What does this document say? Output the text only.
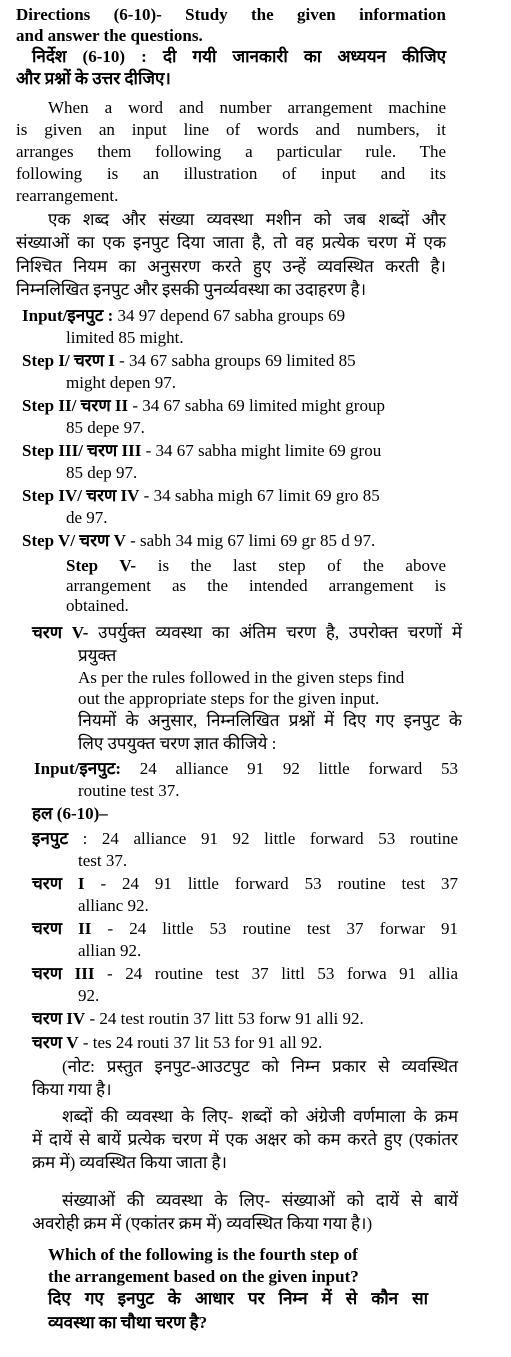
Directions (6-10)- Study the given information
and answer the questions.
निर्देश (6-10) : दी गयी जानकारी का अध्ययन कीजिए
और प्रश्नों के उत्तर दीजिए।
When a word and number arrangement machine
is given an input line of words and numbers, it
arranges them following a particular rule. The
following is an illustration of input and its
rearrangement.
एक शब्द और संख्या व्यवस्था मशीन को जब शब्दों और
संख्याओं का एक इनपुट दिया जाता है, तो वह प्रत्येक चरण में एक
निश्चित नियम का अनुसरण करते हुए उन्हें व्यवस्थित करती है।
निम्नलिखित इनपुट और इसकी पुनर्व्यवस्था का उदाहरण है।
Input/इनपुट : 34 97 depend 67 sabha groups 69
limited 85 might.
Step I/ चरण I - 34 67 sabha groups 69 limited 85
might depen 97.
Step II/ चरण II - 34 67 sabha 69 limited might group
85 depe 97.
Step III/ चरण III - 34 67 sabha might limite 69 grou
85 dep 97.
Step IV/ चरण IV - 34 sabha migh 67 limit 69 gro 85
de 97.
Step V/ चरण V - sabh 34 mig 67 limi 69 gr 85 d 97.
Step V- is the last step of the above
arrangement as the intended arrangement is
obtained.
चरण V- उपर्युक्त व्यवस्था का अंतिम चरण है, उपरोक्त चरणों में
प्रयुक्त
As per the rules followed in the given steps find
out the appropriate steps for the given input.
नियमों के अनुसार, निम्नलिखित प्रश्नों में दिए गए इनपुट के
लिए उपयुक्त चरण ज्ञात कीजिये :
Input/इनपुट: 24 alliance 91 92 little forward 53
routine test 37.
हल (6-10)–
इनपुट : 24 alliance 91 92 little forward 53 routine
test 37.
चरण I - 24 91 little forward 53 routine test 37
allianc 92.
चरण II - 24 little 53 routine test 37 forwar 91
allian 92.
चरण III - 24 routine test 37 littl 53 forwa 91 allia
92.
चरण IV - 24 test routin 37 litt 53 forw 91 alli 92.
चरण V - tes 24 routi 37 lit 53 for 91 all 92.
(नोट: प्रस्तुत इनपुट-आउटपुट को निम्न प्रकार से व्यवस्थित
किया गया है।
शब्दों की व्यवस्था के लिए- शब्दों को अंग्रेजी वर्णमाला के क्रम
में दायें से बायें प्रत्येक चरण में एक अक्षर को कम करते हुए (एकांतर
क्रम में) व्यवस्थित किया जाता है।
संख्याओं की व्यवस्था के लिए- संख्याओं को दायें से बायें
अवरोही क्रम में (एकांतर क्रम में) व्यवस्थित किया गया है।)
Which of the following is the fourth step of
the arrangement based on the given input?
दिए गए इनपुट के आधार पर निम्न में से कौन सा
व्यवस्था का चौथा चरण है?
